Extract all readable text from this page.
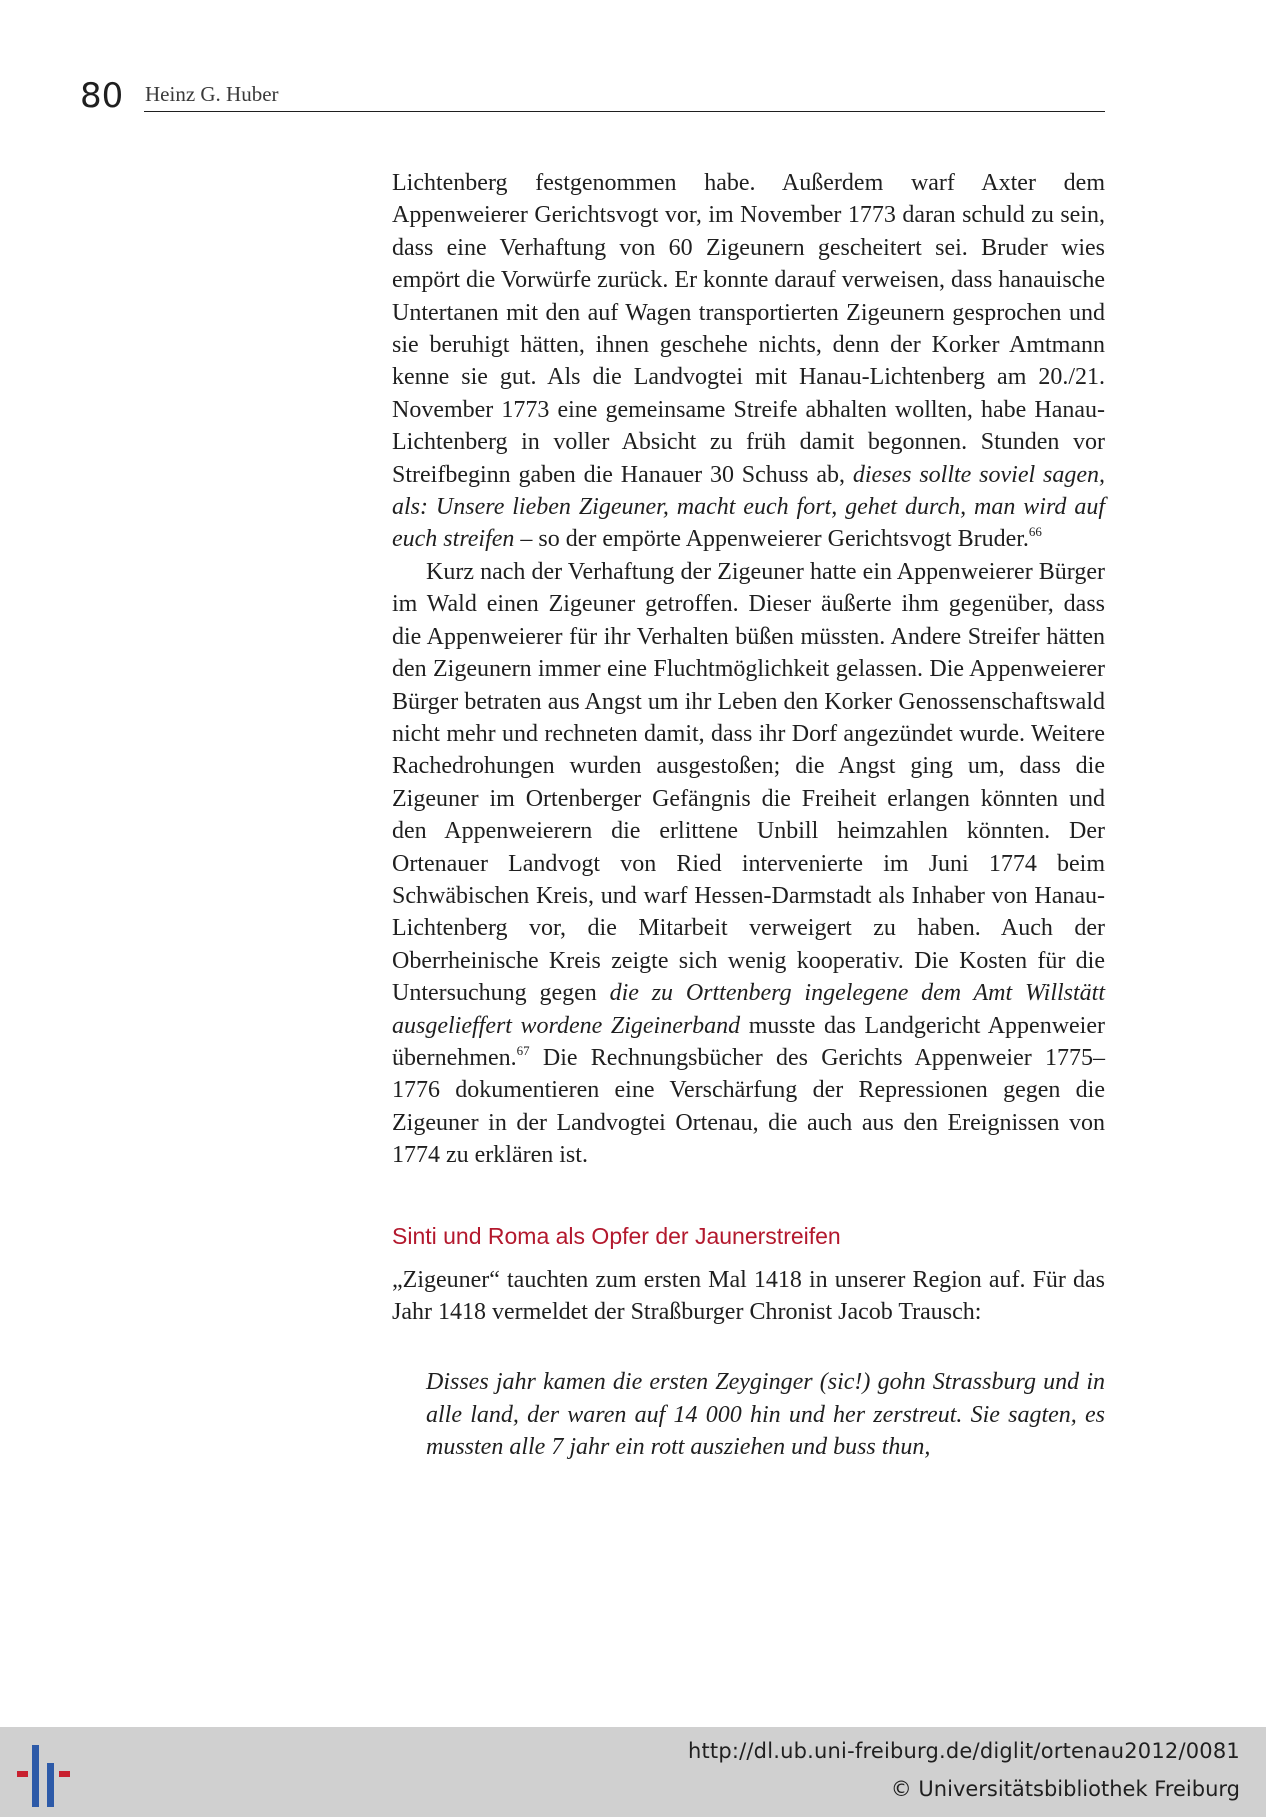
80 Heinz G. Huber

Lichtenberg festgenommen habe. Außerdem warf Axter dem Appenweierer Gerichtsvogt vor, im November 1773 daran schuld zu sein, dass eine Verhaftung von 60 Zigeunern gescheitert sei. Bruder wies empört die Vorwürfe zurück. Er konnte darauf verweisen, dass hanauische Untertanen mit den auf Wagen transportierten Zigeunern gesprochen und sie beruhigt hätten, ihnen geschehe nichts, denn der Korker Amtmann kenne sie gut. Als die Landvogtei mit Hanau-Lichtenberg am 20./21. November 1773 eine gemeinsame Streife abhalten wollten, habe Hanau-Lichtenberg in voller Absicht zu früh damit begonnen. Stunden vor Streifbeginn gaben die Hanauer 30 Schuss ab, dieses sollte soviel sagen, als: Unsere lieben Zigeuner, macht euch fort, gehet durch, man wird auf euch streifen – so der empörte Appenweierer Gerichtsvogt Bruder.$^{66}$

Kurz nach der Verhaftung der Zigeuner hatte ein Appenweierer Bürger im Wald einen Zigeuner getroffen. Dieser äußerte ihm gegenüber, dass die Appenweierer für ihr Verhalten büßen müssten. Andere Streifer hätten den Zigeunern immer eine Fluchtmöglichkeit gelassen. Die Appenweierer Bürger betraten aus Angst um ihr Leben den Korker Genossenschaftswald nicht mehr und rechneten damit, dass ihr Dorf angezündet wurde. Weitere Rachedrohungen wurden ausgestoßen; die Angst ging um, dass die Zigeuner im Ortenberger Gefängnis die Freiheit erlangen könnten und den Appenweierern die erlittene Unbill heimzahlen könnten. Der Ortenauer Landvogt von Ried intervenierte im Juni 1774 beim Schwäbischen Kreis, und warf Hessen-Darmstadt als Inhaber von Hanau-Lichtenberg vor, die Mitarbeit verweigert zu haben. Auch der Oberrheinische Kreis zeigte sich wenig kooperativ. Die Kosten für die Untersuchung gegen die zu Orttenberg ingelegene dem Amt Willstätt ausgelieffert wordene Zigeinerband musste das Landgericht Appenweier übernehmen.$^{67}$ Die Rechnungsbücher des Gerichts Appenweier 1775–1776 dokumentieren eine Verschärfung der Repressionen gegen die Zigeuner in der Landvogtei Ortenau, die auch aus den Ereignissen von 1774 zu erklären ist.

Sinti und Roma als Opfer der Jaunerstreifen

„Zigeuner“ tauchten zum ersten Mal 1418 in unserer Region auf. Für das Jahr 1418 vermeldet der Straßburger Chronist Jacob Trausch:

Disses jahr kamen die ersten Zeyginger (sic!) gohn Strassburg und in alle land, der waren auf 14 000 hin und her zerstreut. Sie sagten, es mussten alle 7 jahr ein rott ausziehen und buss thun,

http://dl.ub.uni-freiburg.de/diglit/ortenau2012/0081
© Universitätsbibliothek Freiburg
